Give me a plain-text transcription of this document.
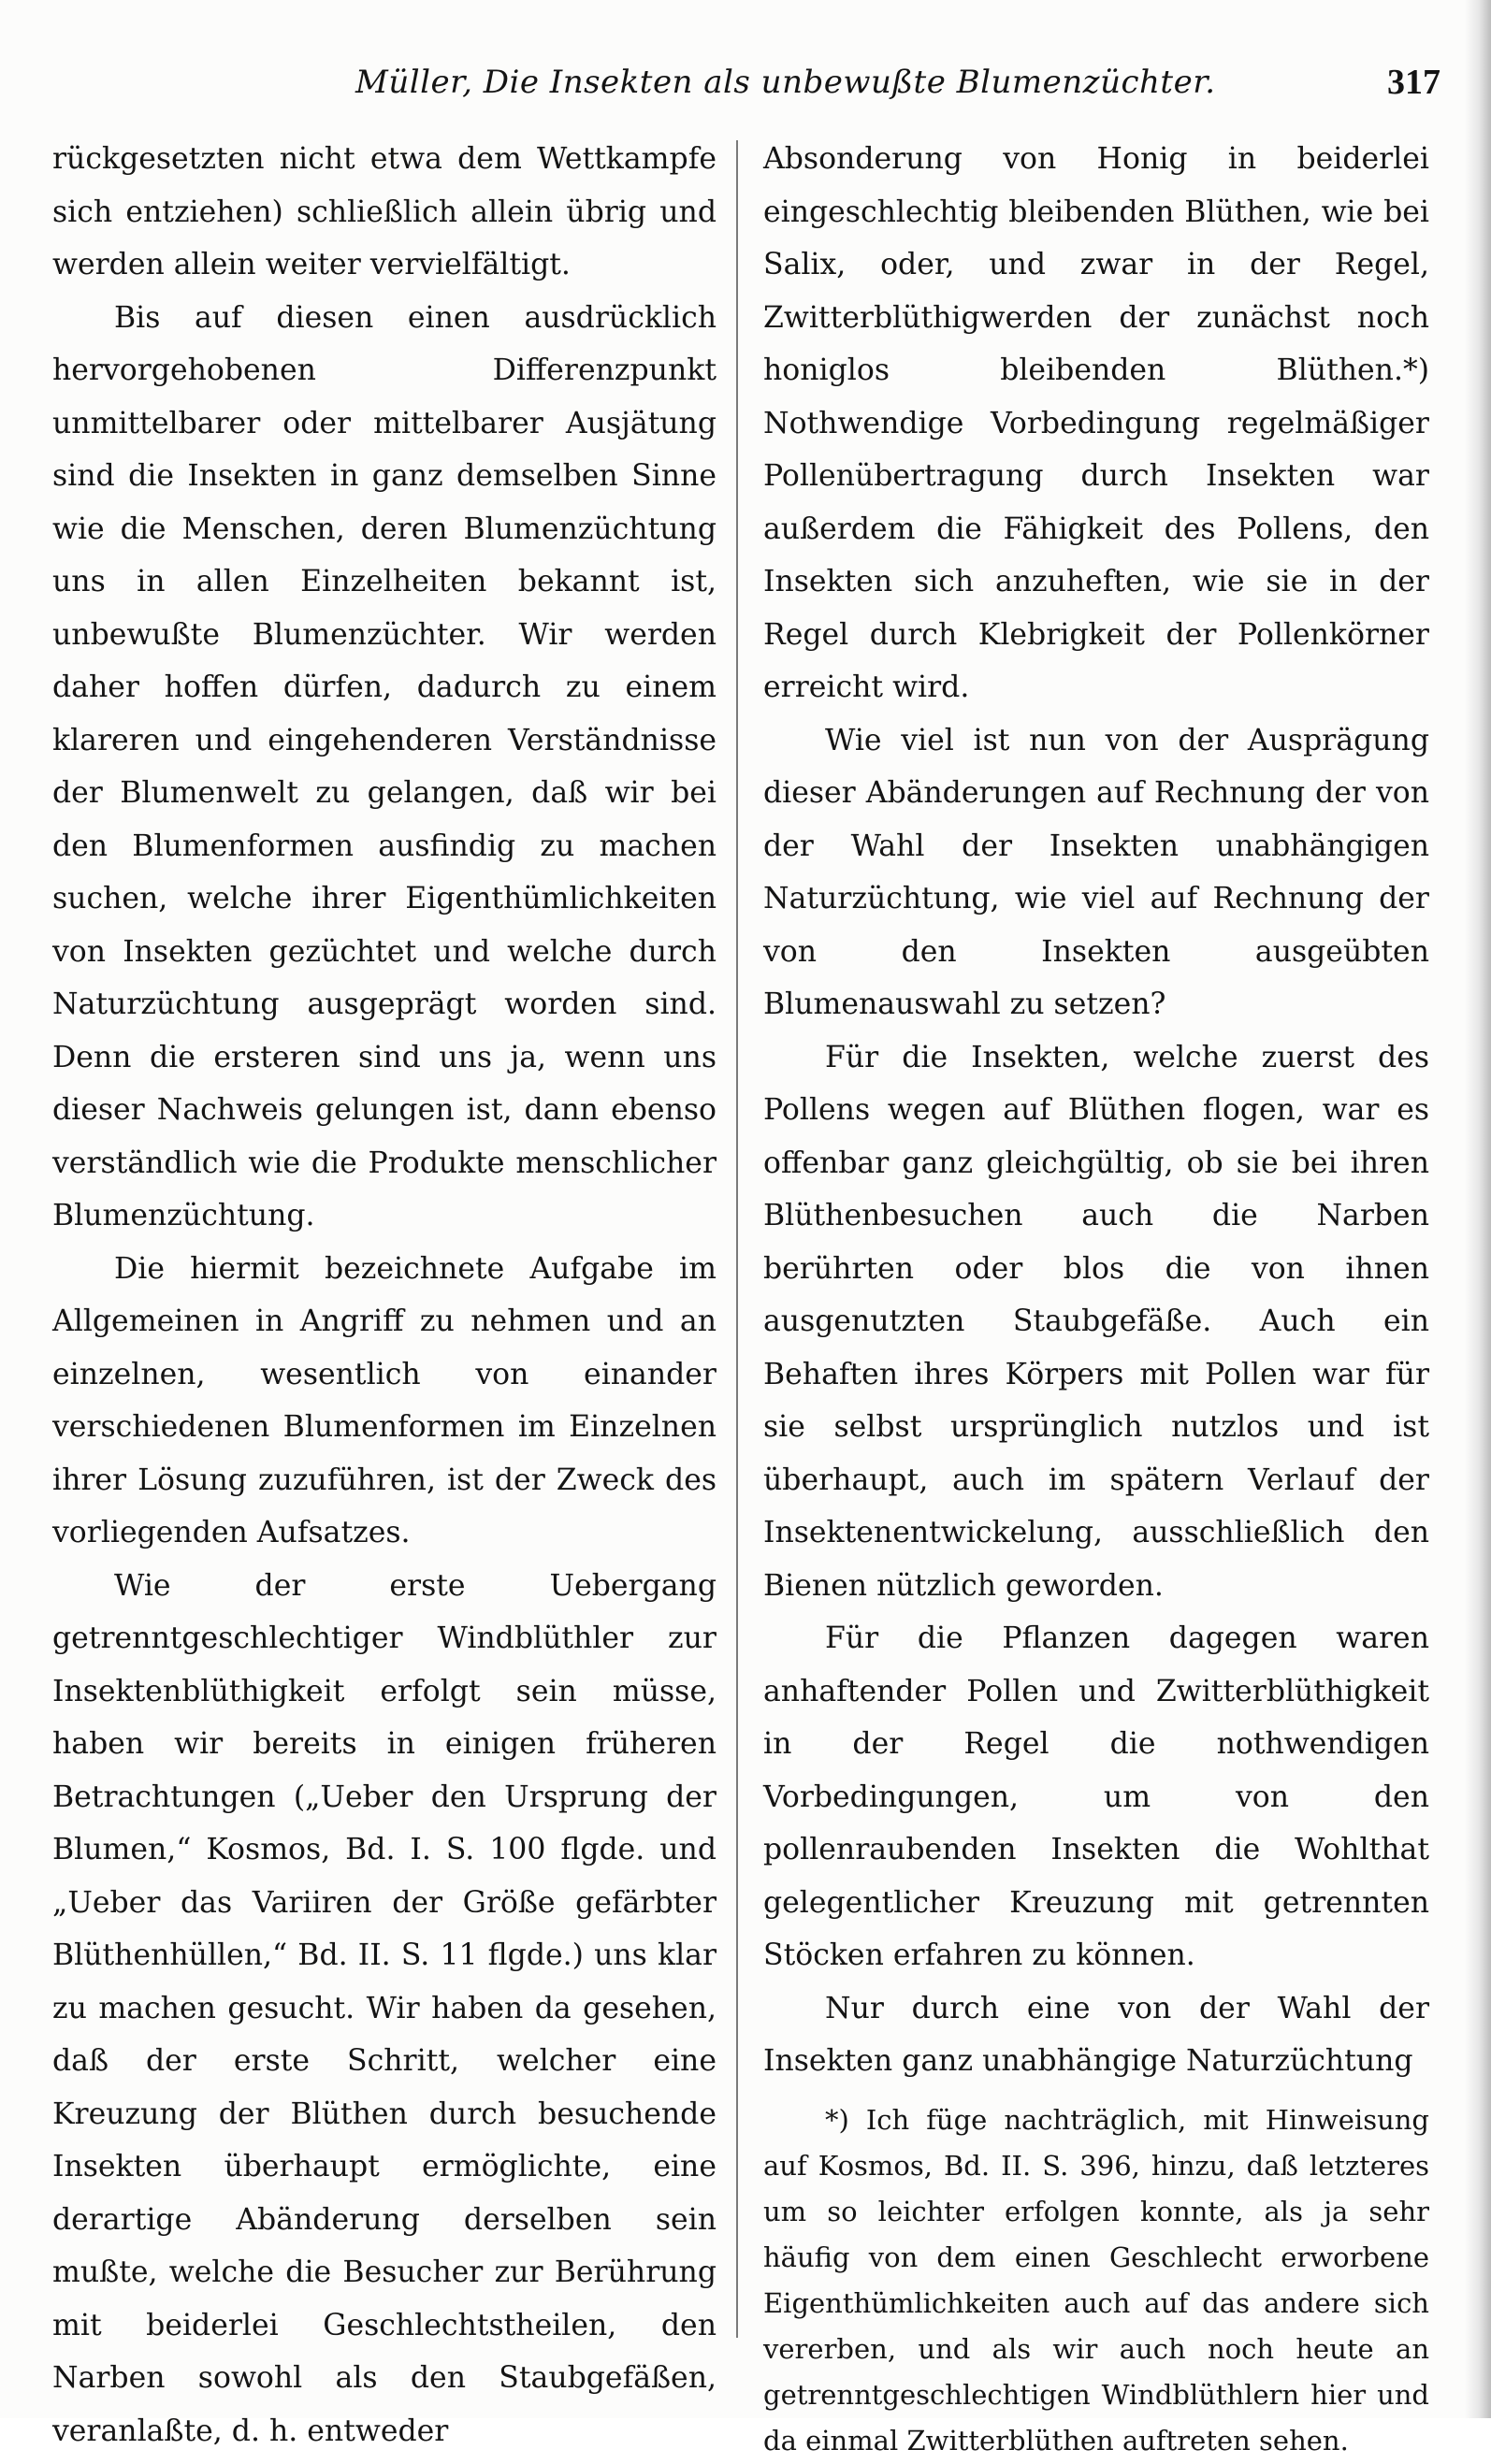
Müller, Die Insekten als unbewußte Blumenzüchter.	317

rückgesetzten nicht etwa dem Wettkampfe sich entziehen) schließlich allein übrig und werden allein weiter vervielfältigt.

Bis auf diesen einen ausdrücklich hervorgehobenen Differenzpunkt unmittelbarer oder mittelbarer Ausjätung sind die Insekten in ganz demselben Sinne wie die Menschen, deren Blumenzüchtung uns in allen Einzelheiten bekannt ist, unbewußte Blumenzüchter. Wir werden daher hoffen dürfen, dadurch zu einem klareren und eingehenderen Verständnisse der Blumenwelt zu gelangen, daß wir bei den Blumenformen ausfindig zu machen suchen, welche ihrer Eigenthümlichkeiten von Insekten gezüchtet und welche durch Naturzüchtung ausgeprägt worden sind. Denn die ersteren sind uns ja, wenn uns dieser Nachweis gelungen ist, dann ebenso verständlich wie die Produkte menschlicher Blumenzüchtung.

Die hiermit bezeichnete Aufgabe im Allgemeinen in Angriff zu nehmen und an einzelnen, wesentlich von einander verschiedenen Blumenformen im Einzelnen ihrer Lösung zuzuführen, ist der Zweck des vorliegenden Aufsatzes.

Wie der erste Uebergang getrenntgeschlechtiger Windblüthler zur Insektenblüthigkeit erfolgt sein müsse, haben wir bereits in einigen früheren Betrachtungen („Ueber den Ursprung der Blumen,“ Kosmos, Bd. I. S. 100 flgde. und „Ueber das Variiren der Größe gefärbter Blüthenhüllen,“ Bd. II. S. 11 flgde.) uns klar zu machen gesucht. Wir haben da gesehen, daß der erste Schritt, welcher eine Kreuzung der Blüthen durch besuchende Insekten überhaupt ermöglichte, eine derartige Abänderung derselben sein mußte, welche die Besucher zur Berührung mit beiderlei Geschlechtstheilen, den Narben sowohl als den Staubgefäßen, veranlaßte, d. h. entweder

Absonderung von Honig in beiderlei eingeschlechtig bleibenden Blüthen, wie bei Salix, oder, und zwar in der Regel, Zwitterblüthigwerden der zunächst noch honiglos bleibenden Blüthen.*) Nothwendige Vorbedingung regelmäßiger Pollenübertragung durch Insekten war außerdem die Fähigkeit des Pollens, den Insekten sich anzuheften, wie sie in der Regel durch Klebrigkeit der Pollenkörner erreicht wird.

Wie viel ist nun von der Ausprägung dieser Abänderungen auf Rechnung der von der Wahl der Insekten unabhängigen Naturzüchtung, wie viel auf Rechnung der von den Insekten ausgeübten Blumenauswahl zu setzen?

Für die Insekten, welche zuerst des Pollens wegen auf Blüthen flogen, war es offenbar ganz gleichgültig, ob sie bei ihren Blüthenbesuchen auch die Narben berührten oder blos die von ihnen ausgenutzten Staubgefäße. Auch ein Behaften ihres Körpers mit Pollen war für sie selbst ursprünglich nutzlos und ist überhaupt, auch im spätern Verlauf der Insektenentwickelung, ausschließlich den Bienen nützlich geworden.

Für die Pflanzen dagegen waren anhaftender Pollen und Zwitterblüthigkeit in der Regel die nothwendigen Vorbedingungen, um von den pollenraubenden Insekten die Wohlthat gelegentlicher Kreuzung mit getrennten Stöcken erfahren zu können.

Nur durch eine von der Wahl der Insekten ganz unabhängige Naturzüchtung

*) Ich füge nachträglich, mit Hinweisung auf Kosmos, Bd. II. S. 396, hinzu, daß letzteres um so leichter erfolgen konnte, als ja sehr häufig von dem einen Geschlecht erworbene Eigenthümlichkeiten auch auf das andere sich vererben, und als wir auch noch heute an getrenntgeschlechtigen Windblüthlern hier und da einmal Zwitterblüthen auftreten sehen.
